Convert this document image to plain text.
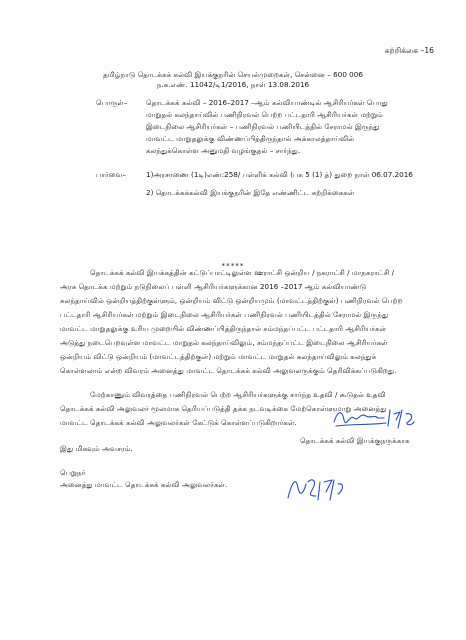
சுற்றிக்கை –16
தமிழ்நாடு தொடக்கக் கல்வி இயக்குநரின் செயல்முறைகள், சென்னை – 600 006
ந.க.எண். 11042/டி1/2016, நாள் 13.08.2016
பொருள்–	தொடக்கக் கல்வி – 2016–2017 –ஆம் கல்வியாண்டில் ஆசிரியர்கள் பொது
மாறுதல் கலந்தாய்வில் பணிநிரவல் பெற்ற பட்டதாரி ஆசிரியர்கள் மற்றும்
இடைநிலை ஆசிரியர்கள் – பணிநிரவல் பணியிடத்தில் சேராமல் இருந்து
மாவட்ட மாறுதலுக்கு விண்ணப்பித்திருந்தால் அக்காலத்தாய்வில்
கலந்துக்கொள்ள அனுமதி வழங்குதல் – சார்ந்து.
பார்வை–	1)அரசாணை (1டி)எண்:258/ பள்ளிக் கல்வி (பக 5 (1) த்) துறை நாள் 06.07.2016
2) தொடக்கக்கல்வி இயக்குநரின் இதே எண்ணிட்ட சுற்றிக்கைகள்
*****
தொடக்கக் கல்வி இயக்கத்தின் கட்டுப்பாட்டிலுள்ள ஊராட்சி ஒன்றிய / நகராட்சி / மாநகராட்சி /
அரசு தொடக்க மற்றும் நடுநிலைப் பள்ளி ஆசிரியர்களுக்கான 2016 –2017 ஆம் கல்வியாண்டு
கலந்தாய்வில் ஒன்றியத்திற்குள்ளும், ஒன்றியம் விட்டு ஒன்றியமும் (மாவட்டத்திற்குள்) பணிநிரவல் பெற்ற
பட்டதாரி ஆசிரியர்கள் மற்றும் இடைநிலை ஆசிரியர்கள் பணிநிரவல் பணியிடத்தில் சேராமல் இருந்து
மாவட்ட மாறுதலுக்கு உரிய முறையில் விண்ணப்பித்திருந்தால் சம்மந்தப்பட்ட பட்டதாரி ஆசிரியர்கள்
அடுத்து நடைபெறவுள்ள மாவட்ட மாறுதல் கலந்தாய்விலும், சம்மந்தப்பட்ட இடைநிலை ஆசிரியர்கள்
ஒன்றியம் விட்டு ஒன்றியம் (மாவட்டத்திற்குள்) மற்றும் மாவட்ட மாறுதல் கலந்தாய்விலும் கலந்துக்
கொள்ளலாம் என்ற விவரம் அனைத்து மாவட்ட தொடக்கக் கல்வி அலுவலருக்கும் தெரிவிக்கப்படுகிறது.
மேற்காணும் விவரத்தை பணிநிரவல் பெற்ற ஆசிரியர்களுக்கு சார்ந்த உதவி / கூடுதல் உதவி
தொடக்கக் கல்வி அலுவலர் மூலமாக தெரியப்படுத்தி தக்க நடவடிக்கை மேற்கொள்ளுமாறு அனைத்து
மாவட்ட தொடக்கக் கல்வி அலுவலர்கள் கேட்டுக் கொள்ளப்படுகிறார்கள்.
இது மிகவும் அவசரம்.
தொடக்கக் கல்வி இயக்குநருக்காக
பெறுநர்
அனைத்து மாவட்ட தொடக்கக் கல்வி அலுவலர்கள்.
